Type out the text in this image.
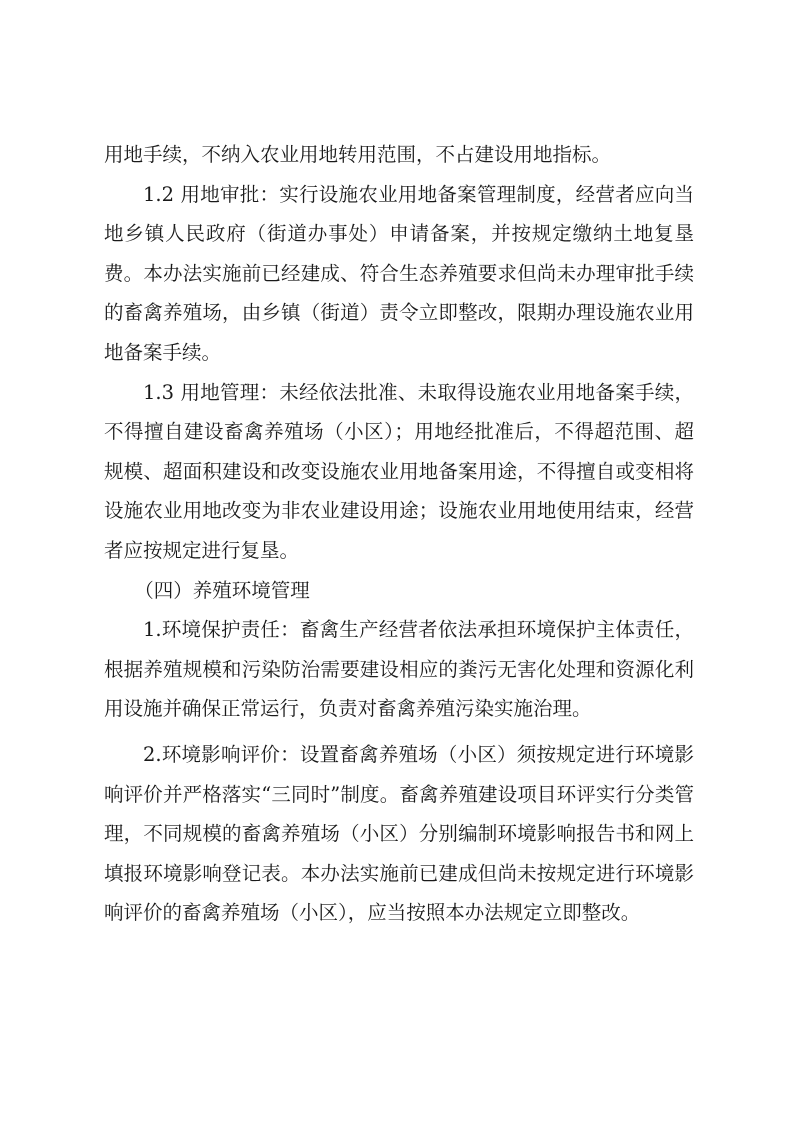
用地手续，不纳入农业用地转用范围，不占建设用地指标。

1.2 用地审批：实行设施农业用地备案管理制度，经营者应向当地乡镇人民政府（街道办事处）申请备案，并按规定缴纳土地复垦费。本办法实施前已经建成、符合生态养殖要求但尚未办理审批手续的畜禽养殖场，由乡镇（街道）责令立即整改，限期办理设施农业用地备案手续。

1.3 用地管理：未经依法批准、未取得设施农业用地备案手续，不得擅自建设畜禽养殖场（小区）；用地经批准后，不得超范围、超规模、超面积建设和改变设施农业用地备案用途，不得擅自或变相将设施农业用地改变为非农业建设用途；设施农业用地使用结束，经营者应按规定进行复垦。

（四）养殖环境管理

1.环境保护责任：畜禽生产经营者依法承担环境保护主体责任，根据养殖规模和污染防治需要建设相应的粪污无害化处理和资源化利用设施并确保正常运行，负责对畜禽养殖污染实施治理。

2.环境影响评价：设置畜禽养殖场（小区）须按规定进行环境影响评价并严格落实“三同时”制度。畜禽养殖建设项目环评实行分类管理，不同规模的畜禽养殖场（小区）分别编制环境影响报告书和网上填报环境影响登记表。本办法实施前已建成但尚未按规定进行环境影响评价的畜禽养殖场（小区），应当按照本办法规定立即整改。
